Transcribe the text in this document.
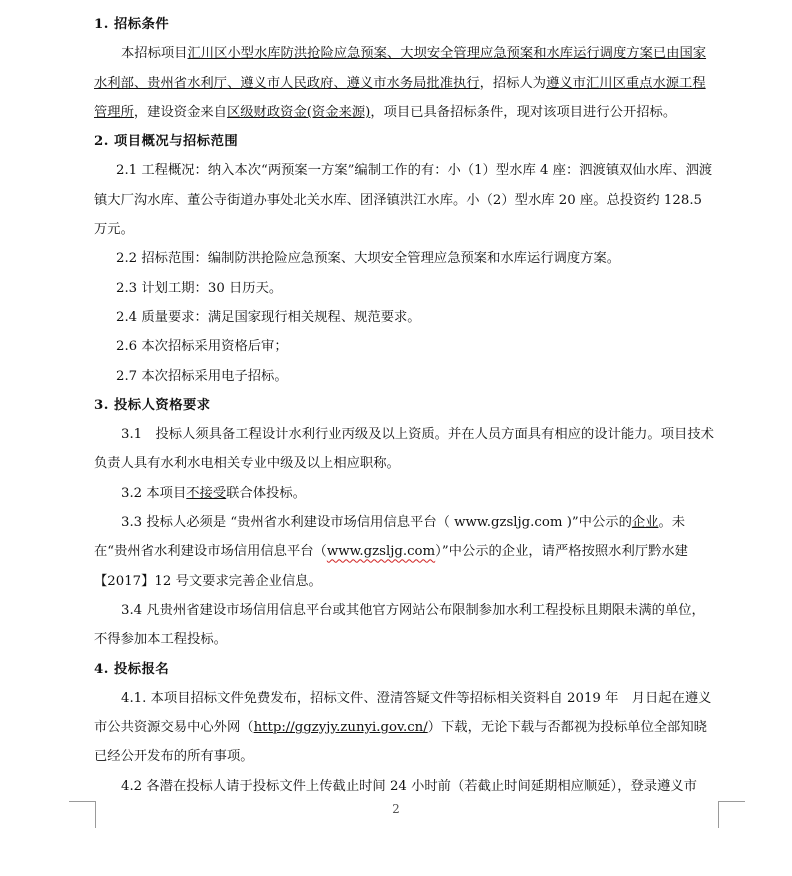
1. 招标条件
本招标项目汇川区小型水库防洪抢险应急预案、大坝安全管理应急预案和水库运行调度方案已由国家水利部、贵州省水利厅、遵义市人民政府、遵义市水务局批准执行，招标人为遵义市汇川区重点水源工程管理所，建设资金来自区级财政资金(资金来源)，项目已具备招标条件，现对该项目进行公开招标。
2. 项目概况与招标范围
2.1 工程概况：纳入本次“两预案一方案”编制工作的有：小（1）型水库 4 座：泗渡镇双仙水库、泗渡镇大厂沟水库、董公寺街道办事处北关水库、团泽镇洪江水库。小（2）型水库 20 座。总投资约 128.5 万元。
2.2 招标范围：编制防洪抢险应急预案、大坝安全管理应急预案和水库运行调度方案。
2.3 计划工期：30 日历天。
2.4 质量要求：满足国家现行相关规程、规范要求。
2.6 本次招标采用资格后审；
2.7 本次招标采用电子招标。
3. 投标人资格要求
3.1　投标人须具备工程设计水利行业丙级及以上资质。并在人员方面具有相应的设计能力。项目技术负责人具有水利水电相关专业中级及以上相应职称。
3.2 本项目不接受联合体投标。
3.3 投标人必须是 “贵州省水利建设市场信用信息平台（ www.gzsljg.com )”中公示的企业。未在“贵州省水利建设市场信用信息平台（www.gzsljg.com）”中公示的企业，请严格按照水利厅黔水建【2017】12 号文要求完善企业信息。
3.4 凡贵州省建设市场信用信息平台或其他官方网站公布限制参加水利工程投标且期限未满的单位，不得参加本工程投标。
4. 投标报名
4.1. 本项目招标文件免费发布，招标文件、澄清答疑文件等招标相关资料自 2019 年　月日起在遵义市公共资源交易中心外网（http://ggzyjy.zunyi.gov.cn/）下载，无论下载与否都视为投标单位全部知晓已经公开发布的所有事项。
4.2 各潜在投标人请于投标文件上传截止时间 24 小时前（若截止时间延期相应顺延），登录遵义市
2
